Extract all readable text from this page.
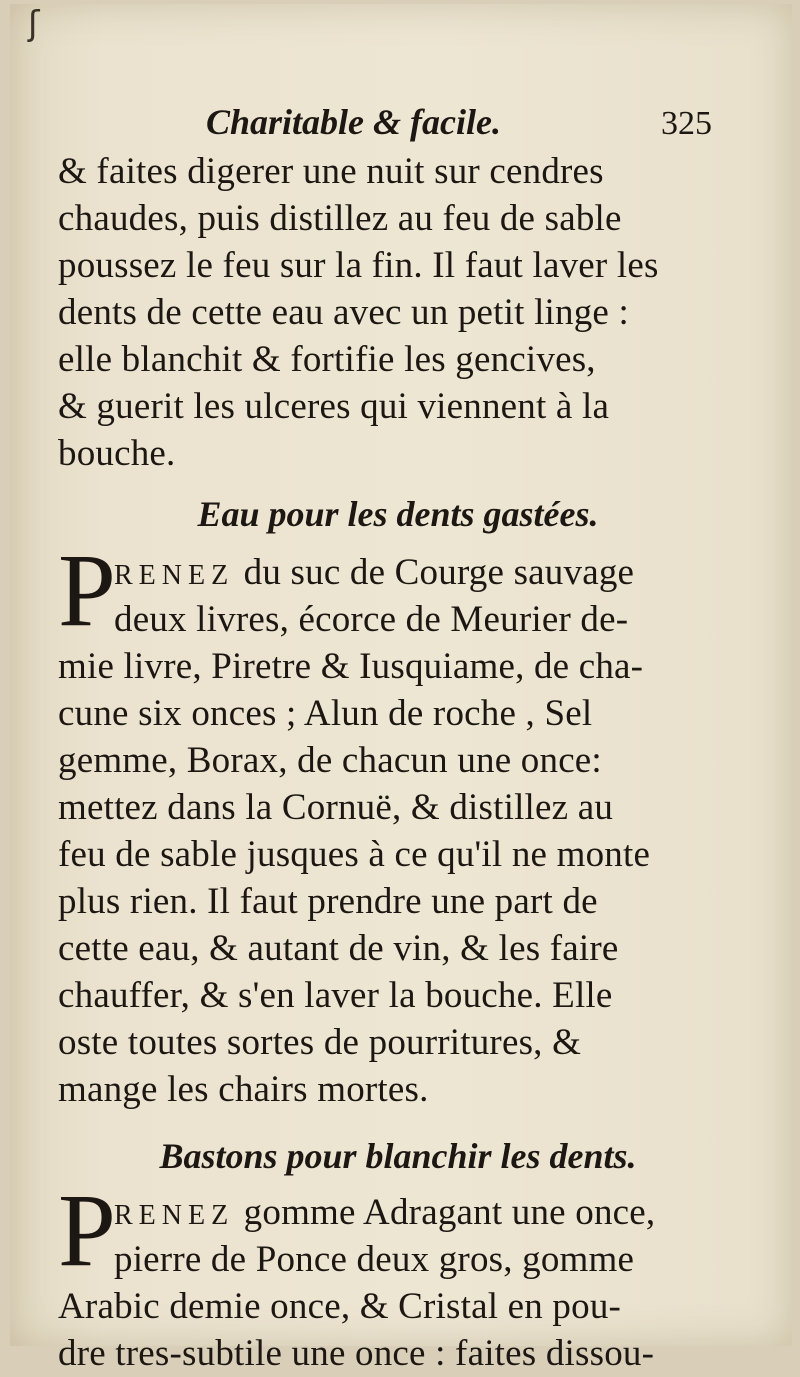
ʃ
Charitable & facile.	325
& faites digerer une nuit sur cendres
chaudes, puis distillez au feu de sable
poussez le feu sur la fin. Il faut laver les
dents de cette eau avec un petit linge :
elle blanchit & fortifie les gencives,
& guerit les ulceres qui viennent à la
bouche.
Eau pour les dents gastées.
P
RENEZ du suc de Courge sauvage
deux livres, écorce de Meurier de-
mie livre, Piretre & Iusquiame, de cha-
cune six onces ; Alun de roche , Sel
gemme, Borax, de chacun une once:
mettez dans la Cornuë, & distillez au
feu de sable jusques à ce qu'il ne monte
plus rien. Il faut prendre une part de
cette eau, & autant de vin, & les faire
chauffer, & s'en laver la bouche. Elle
oste toutes sortes de pourritures, &
mange les chairs mortes.
Bastons pour blanchir les dents.
P
RENEZ gomme Adragant une once,
pierre de Ponce deux gros, gomme
Arabic demie once, & Cristal en pou-
dre tres-subtile une once : faites dissou-
